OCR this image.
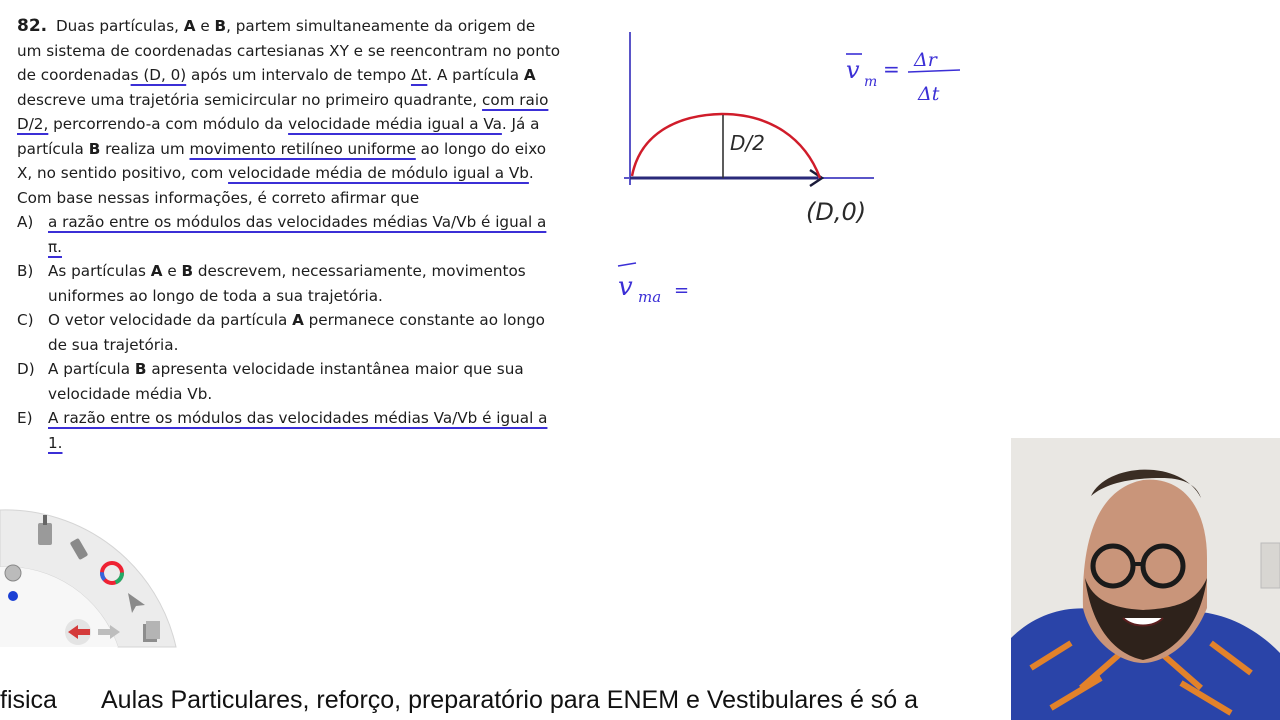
82. Duas partículas, A e B, partem simultaneamente da origem de um sistema de coordenadas cartesianas XY e se reencontram no ponto de coordenadas (D, 0) após um intervalo de tempo Δt. A partícula A descreve uma trajetória semicircular no primeiro quadrante, com raio D/2, percorrendo-a com módulo da velocidade média igual a Va. Já a partícula B realiza um movimento retilíneo uniforme ao longo do eixo X, no sentido positivo, com velocidade média de módulo igual a Vb. Com base nessas informações, é correto afirmar que
A) a razão entre os módulos das velocidades médias Va/Vb é igual a π.
B) As partículas A e B descrevem, necessariamente, movimentos uniformes ao longo de toda a sua trajetória.
C) O vetor velocidade da partícula A permanece constante ao longo de sua trajetória.
D) A partícula B apresenta velocidade instantânea maior que sua velocidade média Vb.
E) A razão entre os módulos das velocidades médias Va/Vb é igual a 1.
D/2
(D,0)
v m
= Δr
Δt
v ma =
fisica Aulas Particulares, reforço, preparatório para ENEM e Vestibulares é só a
